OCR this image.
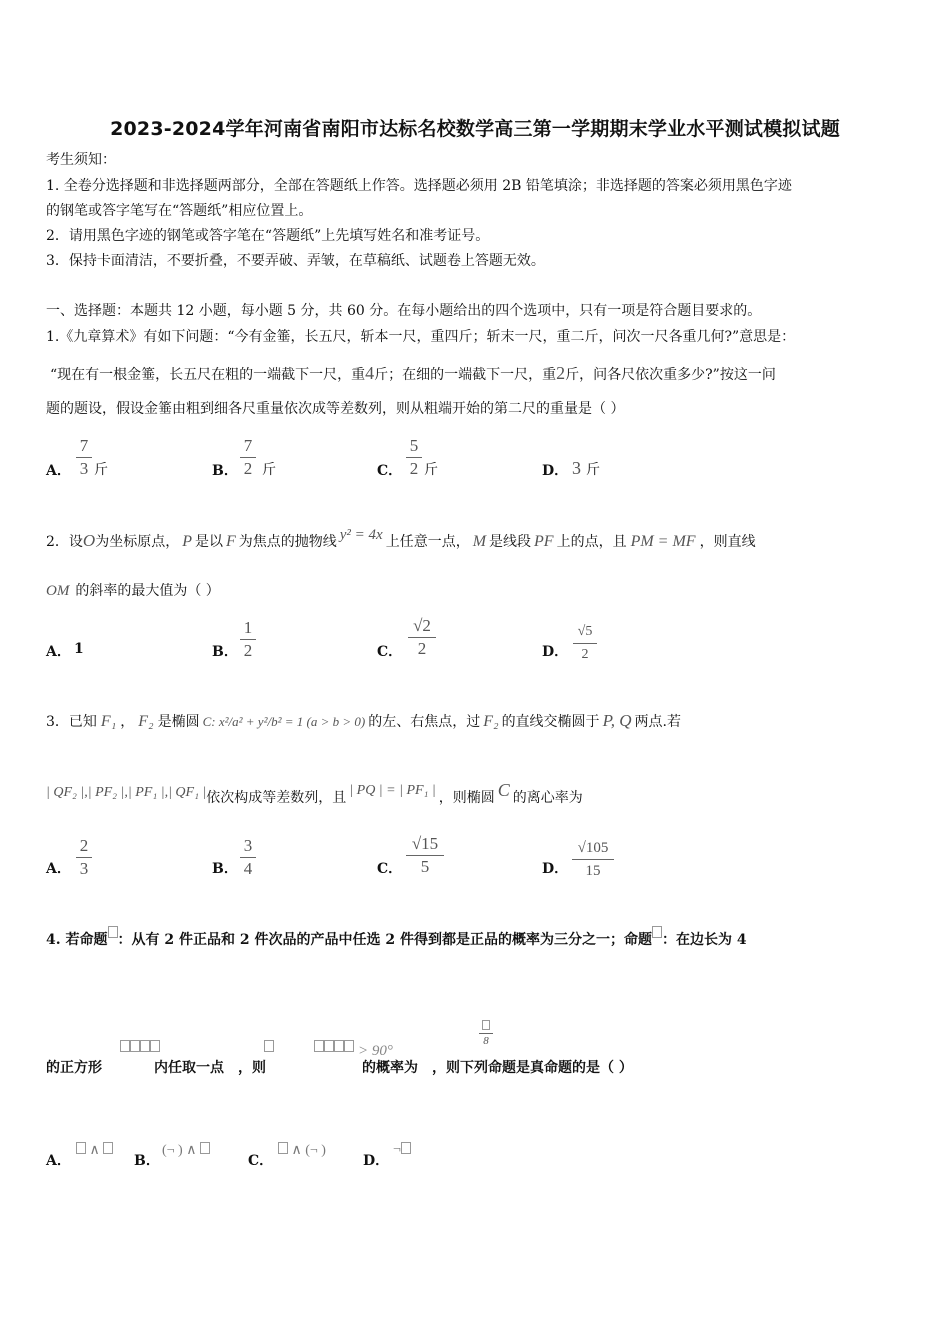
2023-2024学年河南省南阳市达标名校数学高三第一学期期末学业水平测试模拟试题
考生须知：
1. 全卷分选择题和非选择题两部分，全部在答题纸上作答。选择题必须用 2B 铅笔填涂；非选择题的答案必须用黑色字迹
的钢笔或答字笔写在“答题纸”相应位置上。
2．请用黑色字迹的钢笔或答字笔在“答题纸”上先填写姓名和准考证号。
3．保持卡面清洁，不要折叠，不要弄破、弄皱，在草稿纸、试题卷上答题无效。
一、选择题：本题共 12 小题，每小题 5 分，共 60 分。在每小题给出的四个选项中，只有一项是符合题目要求的。
1.《九章算术》有如下问题：“今有金箠，长五尺，斩本一尺，重四斤；斩末一尺，重二斤，问次一尺各重几何?”意思是：
“现在有一根金箠，长五尺在粗的一端截下一尺，重4斤；在细的一端截下一尺，重2斤，问各尺依次重多少?”按这一问
题的题设，假设金箠由粗到细各尺重量依次成等差数列，则从粗端开始的第二尺的重量是（ ）
A．
7
3 斤	B．
7
2 斤	C．
5
2 斤	D． 3 斤
2．设O为坐标原点， P 是以 F 为焦点的抛物线 y² = 4x 上任意一点， M 是线段 PF 上的点，且 PM = MF ，则直线
OM 的斜率的最大值为（ ）
A． 1	B．
1
2	C．
√2
2	D．
√5
2
3．已知 F₁ ， F₂ 是椭圆 C: x²/a² + y²/b² = 1 (a > b > 0) 的左、右焦点，过 F₂ 的直线交椭圆于 P, Q 两点.若
| QF₂ |,| PF₂ |,| PF₁ |,| QF₁ |依次构成等差数列，且 | PQ | = | PF₁ | ，则椭圆 C 的离心率为
A．
2
3	B．
3
4	C．
√15
5	D．
√105
15
4. 若命题 ：从有 2 件正品和 2 件次品的产品中任选 2 件得到都是正品的概率为三分之一；命题 ：在边长为 4
> 90°
8
的正方形	内任取一点 ，则	的概率为 ，则下列命题是真命题的是（ ）
A．
∧
B．
(¬ ) ∧
C．
∧ (¬ )
D．
¬
